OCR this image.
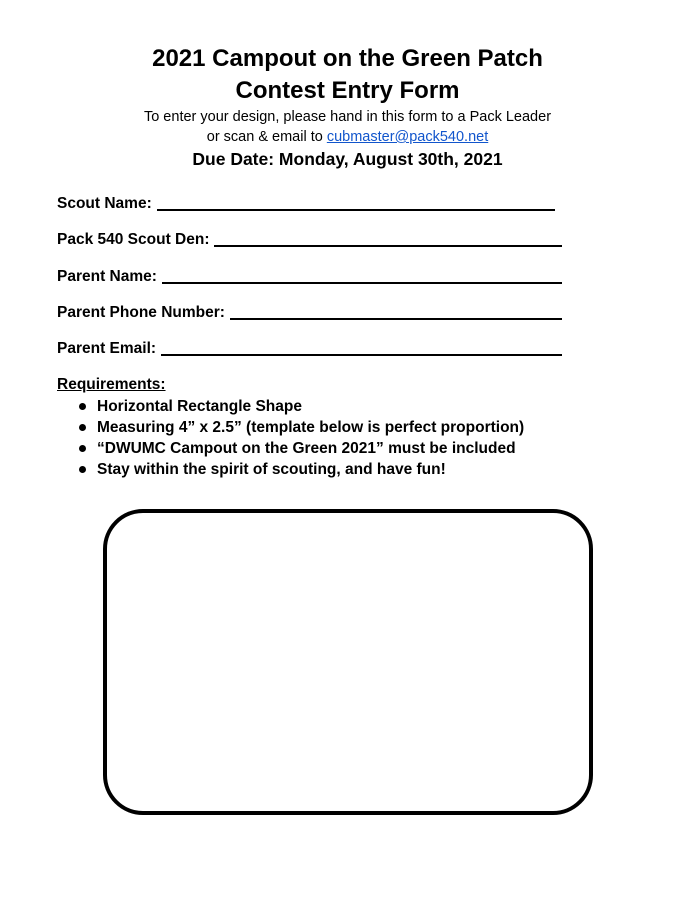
2021 Campout on the Green Patch
Contest Entry Form
To enter your design, please hand in this form to a Pack Leader
or scan & email to cubmaster@pack540.net
Due Date: Monday, August 30th, 2021
Scout Name:
Pack 540 Scout Den:
Parent Name:
Parent Phone Number:
Parent Email:
Requirements:
Horizontal Rectangle Shape
Measuring 4” x 2.5” (template below is perfect proportion)
“DWUMC Campout on the Green 2021” must be included
Stay within the spirit of scouting, and have fun!
